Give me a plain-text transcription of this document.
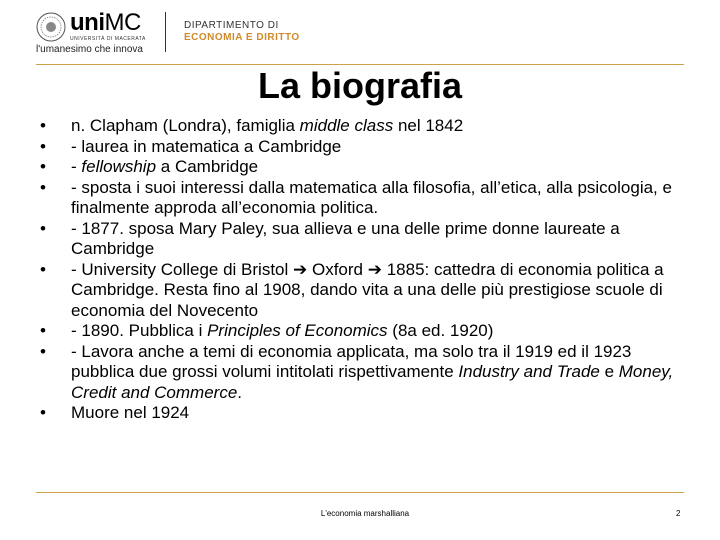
uniMC
UNIVERSITÀ DI MACERATA
l'umanesimo che innova
DIPARTIMENTO DI
ECONOMIA E DIRITTO
La biografia
• n. Clapham (Londra), famiglia middle class nel 1842
• - laurea in matematica a Cambridge
• - fellowship a Cambridge
• - sposta i suoi interessi dalla matematica alla filosofia, all’etica, alla psicologia, e finalmente approda all’economia politica.
• - 1877. sposa Mary Paley, sua allieva e una delle prime donne laureate a Cambridge
• - University College di Bristol ➔ Oxford ➔ 1885: cattedra di economia politica a Cambridge. Resta fino al 1908, dando vita a una delle più prestigiose scuole di economia del Novecento
• - 1890. Pubblica i Principles of Economics (8a ed. 1920)
• - Lavora anche a temi di economia applicata, ma solo tra il 1919 ed il 1923 pubblica due grossi volumi intitolati rispettivamente Industry and Trade e Money, Credit and Commerce.
• Muore nel 1924
L'economia marshalliana	2
